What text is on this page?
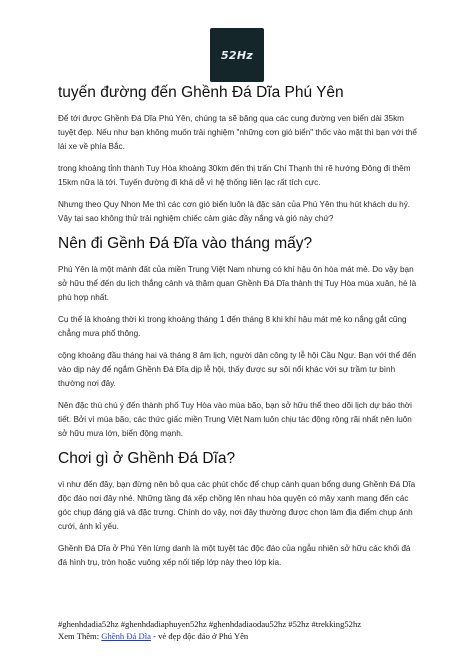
52Hz
tuyến đường đến Ghềnh Đá Dĩa Phú Yên

Để tới được Ghềnh Đá Dĩa Phú Yên, chúng ta sẽ băng qua các cung đường ven biển dài 35km tuyệt đẹp. Nếu như bạn không muốn trải nghiệm "những cơn gió biển" thốc vào mặt thì bạn với thể lái xe về phía Bắc.

trong khoảng tỉnh thành Tuy Hòa khoảng 30km đến thị trấn Chí Thạnh thì rẽ hướng Đông đi thêm 15km nữa là tới. Tuyến đường đi khá dễ vì hệ thống liên lạc rất tích cực.

Nhưng theo Quy Nhon Me thì các cơn gió biển luôn là đặc sản của Phú Yên thu hút khách du hý. Vậy tại sao không thử trải nghiệm chiếc cảm giác đầy nắng và gió này chứ?

Nên đi Gềnh Đá Đĩa vào tháng mấy?

Phú Yên là một mảnh đất của miền Trung Việt Nam nhưng có khí hậu ôn hòa mát mẻ. Do vậy bạn sở hữu thể đến du lịch thắng cảnh và thăm quan Ghềnh Đá Dĩa thành thị Tuy Hòa mùa xuân, hè là phù hợp nhất.

Cụ thể là khoảng thời kì trong khoảng tháng 1 đến tháng 8 khi khí hậu mát mẻ ko nắng gắt cũng chẳng mưa phổ thông.

cộng khoảng đầu tháng hai và tháng 8 âm lịch, người dân công ty lễ hội Cầu Ngư. Bạn với thể đến vào dịp này để ngắm Ghềnh Đá Đĩa dịp lễ hội, thấy được sự sôi nổi khác với sự trầm tư bình thường nơi đây.

Nên đặc thù chú ý đến thành phố Tuy Hòa vào mùa bão, bạn sở hữu thể theo dõi lịch dự báo thời tiết. Bởi vì mùa bão, các thức giấc miền Trung Việt Nam luôn chịu tác động rộng rãi nhất nên luôn sở hữu mưa lớn, biển động mạnh.

Chơi gì ở Ghềnh Đá Dĩa?

vì như đến đây, bạn đừng nên bỏ qua các phút chốc để chụp cảnh quan bổng dung Ghềnh Đá Dĩa độc đáo nơi đây nhé. Những tầng đá xếp chồng lên nhau hòa quyện có mây xanh mang đến các góc chụp đáng giá và đặc trưng. Chính do vậy, nơi đây thường được chọn làm địa điểm chụp ảnh cưới, ảnh kỉ yếu.

Ghềnh Đá Dĩa ở Phú Yên lừng danh là một tuyệt tác độc đáo của ngẫu nhiên sở hữu các khối đá đá hình trụ, tròn hoặc vuông xếp nối tiếp lớp này theo lớp kia.

#ghenhdadia52hz #ghenhdadiaphuyen52hz #ghenhdadiaodau52hz #52hz #trekking52hz
Xem Thêm: Ghềnh Đá Dĩa - vẻ đẹp độc đáo ở Phú Yên
